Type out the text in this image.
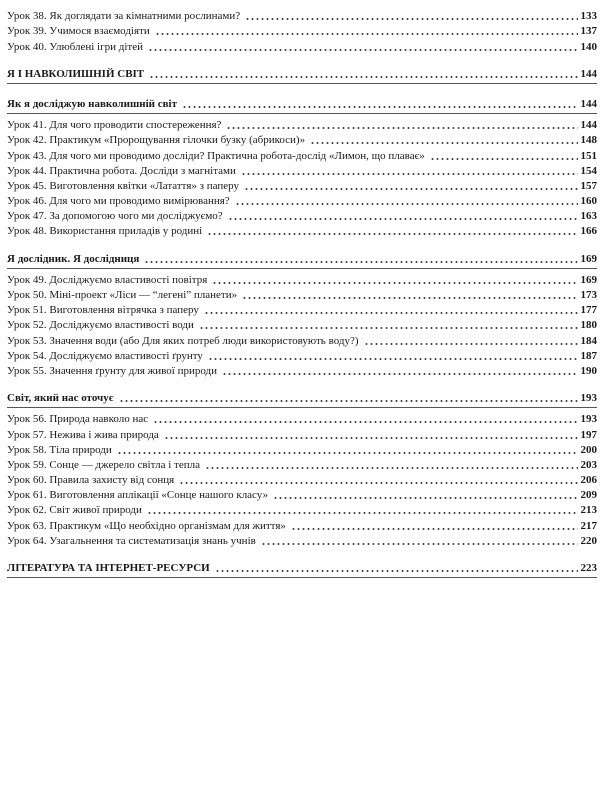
Урок 38. Як доглядати за кімнатними рослинами?	133
Урок 39. Учимося взаємодіяти	137
Урок 40. Улюблені ігри дітей	140
Я І НАВКОЛИШНІЙ СВІТ	144
Як я досліджую навколишній світ	144
Урок 41. Для чого проводити спостереження?	144
Урок 42. Практикум «Пророщування гілочки бузку (абрикоси)»	148
Урок 43. Для чого ми проводимо досліди? Практична робота-дослід «Лимон, що плаває»	151
Урок 44. Практична робота. Досліди з магнітами	154
Урок 45. Виготовлення квітки «Латаття» з паперу	157
Урок 46. Для чого ми проводимо вимірювання?	160
Урок 47. За допомогою чого ми досліджуємо?	163
Урок 48. Використання приладів у родині	166
Я дослідник. Я дослідниця	169
Урок 49. Досліджуємо властивості повітря	169
Урок 50. Міні-проект «Ліси — “легені” планети»	173
Урок 51. Виготовлення вітрячка з паперу	177
Урок 52. Досліджуємо властивості води	180
Урок 53. Значення води (або Для яких потреб люди використовують воду?)	184
Урок 54. Досліджуємо властивості ґрунту	187
Урок 55. Значення ґрунту для живої природи	190
Світ, який нас оточує	193
Урок 56. Природа навколо нас	193
Урок 57. Нежива і жива природа	197
Урок 58. Тіла природи	200
Урок 59. Сонце — джерело світла і тепла	203
Урок 60. Правила захисту від сонця	206
Урок 61. Виготовлення аплікації «Сонце нашого класу»	209
Урок 62. Світ живої природи	213
Урок 63. Практикум «Що необхідно організмам для життя»	217
Урок 64. Узагальнення та систематизація знань учнів	220
ЛІТЕРАТУРА ТА ІНТЕРНЕТ-РЕСУРСИ	223
